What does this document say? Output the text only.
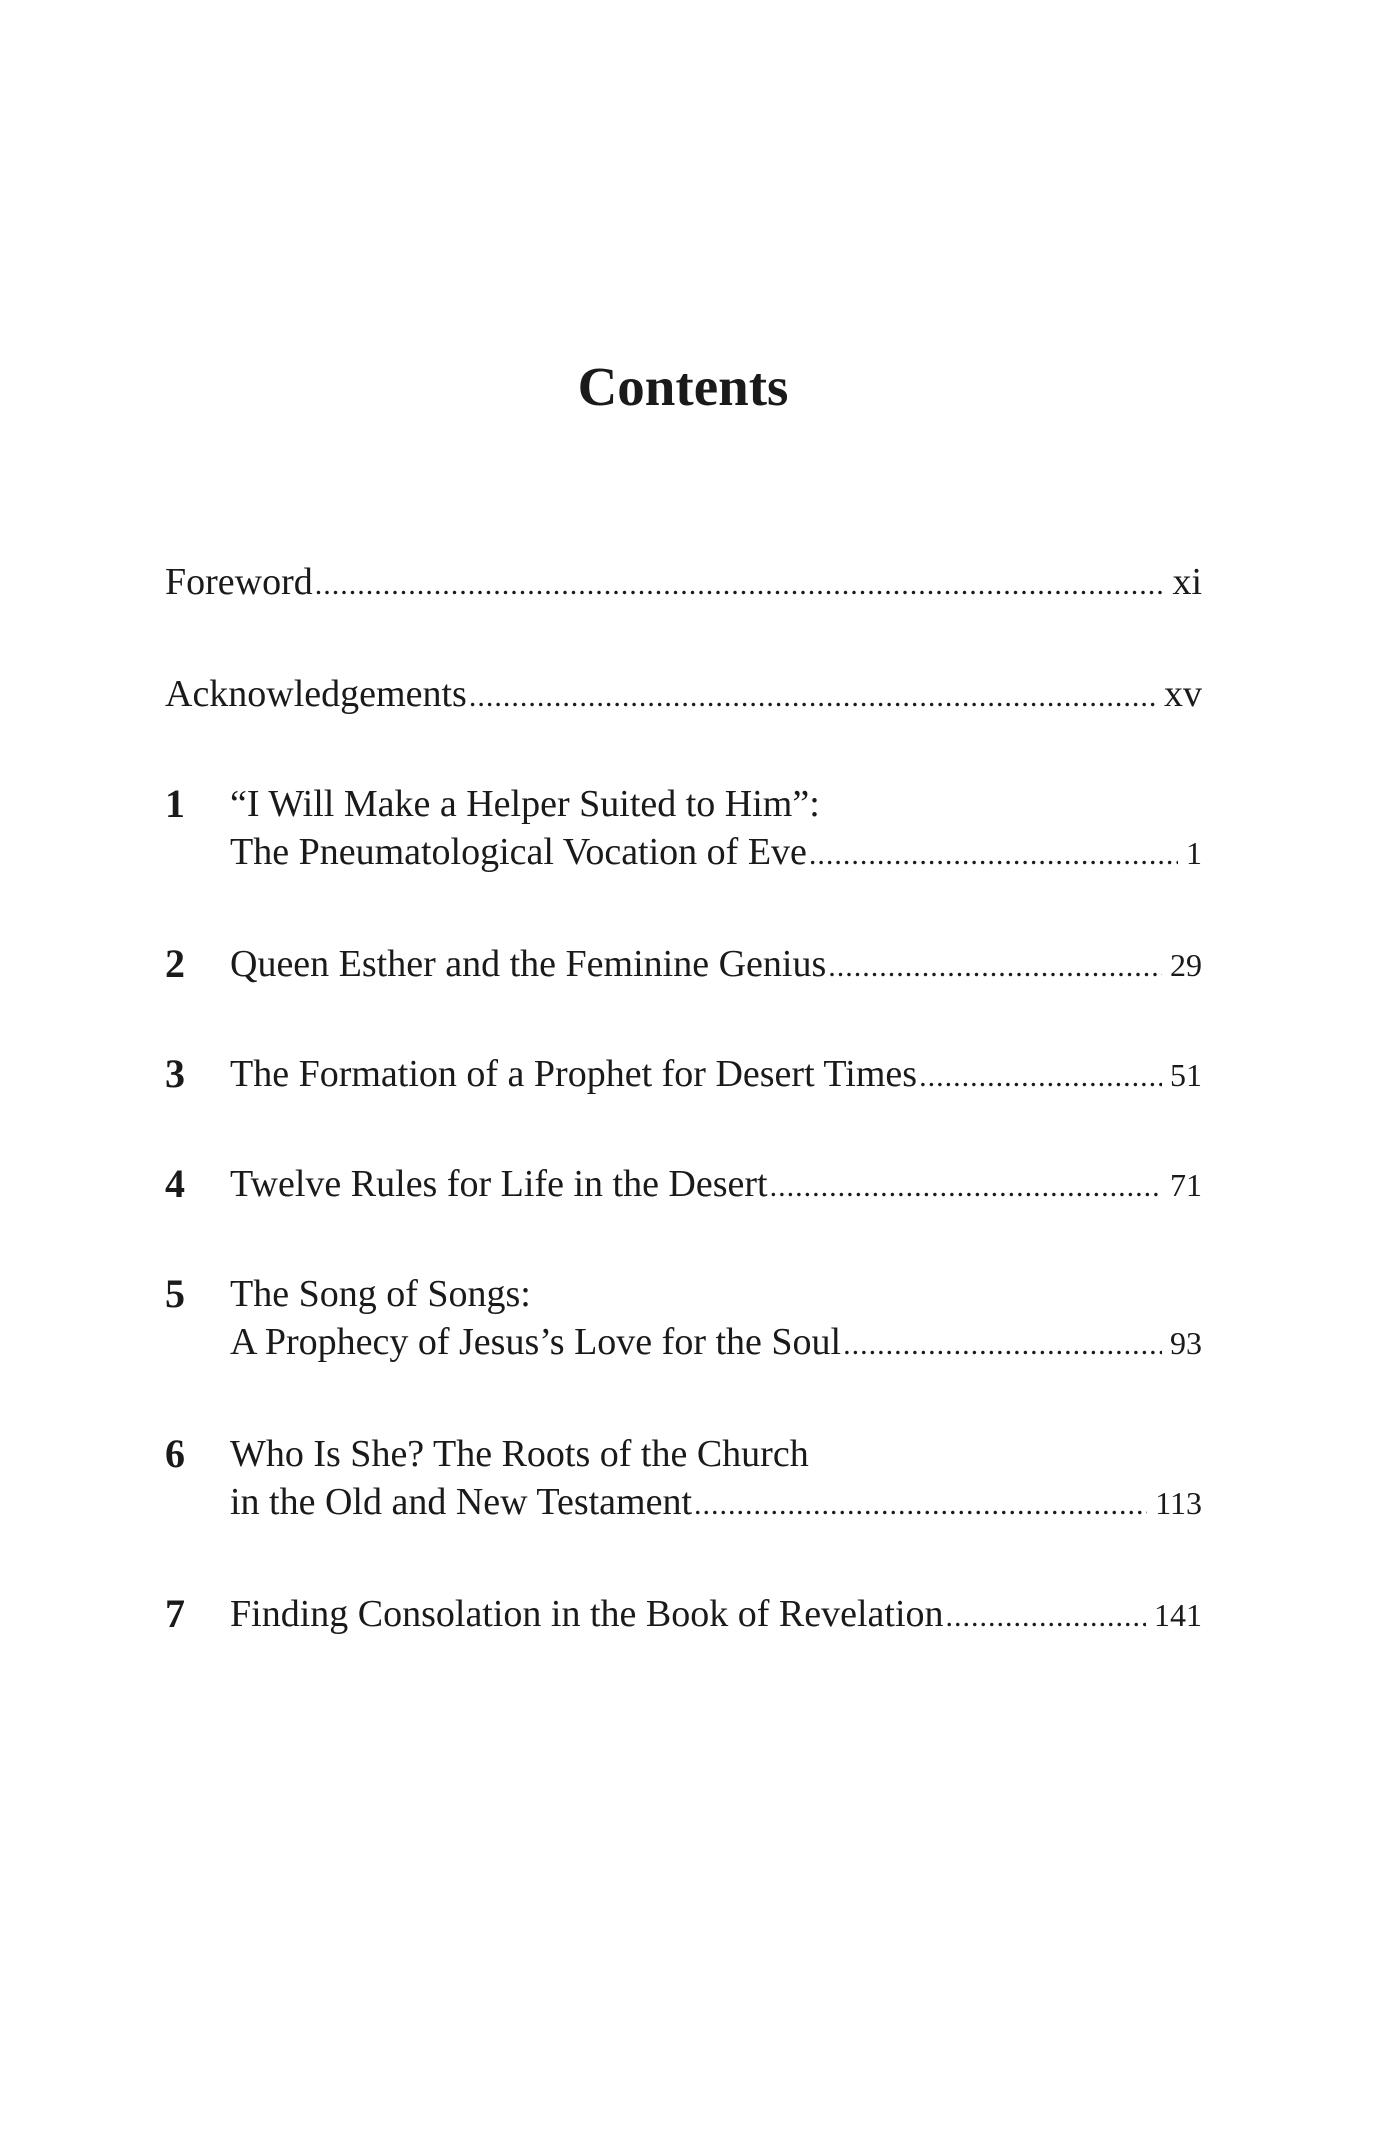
Contents
Foreword .....	xi
Acknowledgements .....	xv
1	“I Will Make a Helper Suited to Him”:
The Pneumatological Vocation of Eve .....	1
2	Queen Esther and the Feminine Genius .....	29
3	The Formation of a Prophet for Desert Times .....	51
4	Twelve Rules for Life in the Desert .....	71
5	The Song of Songs:
A Prophecy of Jesus’s Love for the Soul .....	93
6	Who Is She? The Roots of the Church
in the Old and New Testament .....	113
7	Finding Consolation in the Book of Revelation .....	141
